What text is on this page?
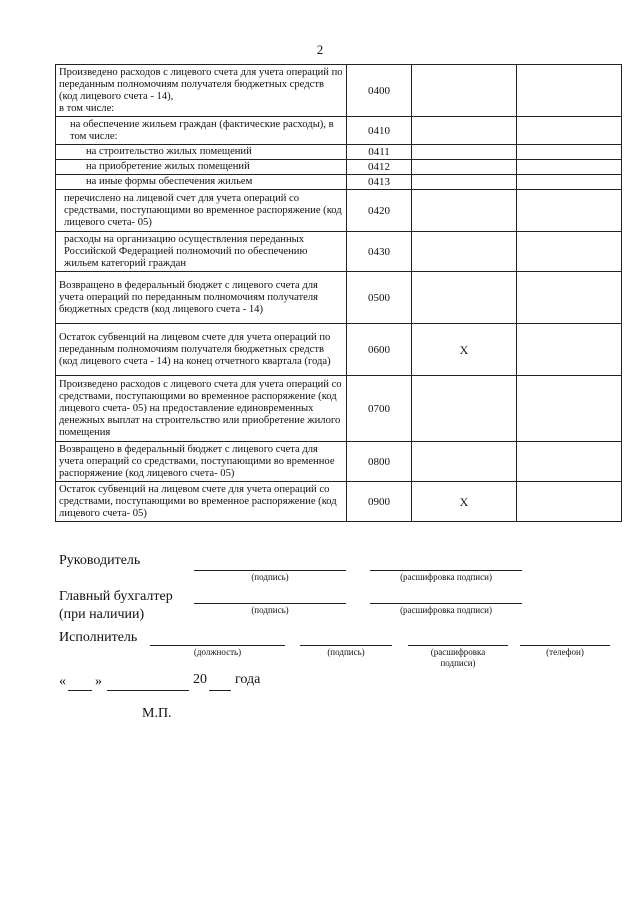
2
Произведено расходов с лицевого счета для учета операций по переданным полномочиям получателя бюджетных средств (код лицевого счета - 14),
в том числе:	0400		
на обеспечение жильем граждан (фактические расходы), в том числе:	0410		
на строительство жилых помещений	0411		
на приобретение жилых помещений	0412		
на иные формы обеспечения жильем	0413		
перечислено на лицевой счет для учета операций со средствами, поступающими во временное распоряжение (код лицевого счета- 05)	0420		
расходы на организацию осуществления переданных Российской Федерацией полномочий по обеспечению жильем категорий граждан	0430		
Возвращено в федеральный бюджет с лицевого счета для учета операций по переданным полномочиям получателя бюджетных средств (код лицевого счета - 14)	0500		
Остаток субвенций на лицевом счете для учета операций по переданным полномочиям получателя бюджетных средств (код лицевого счета - 14) на конец отчетного квартала (года)	0600	Х	
Произведено расходов с лицевого счета для учета операций со средствами, поступающими во временное распоряжение (код лицевого счета- 05) на предоставление единовременных денежных выплат на строительство или приобретение жилого помещения	0700		
Возвращено в федеральный бюджет с лицевого счета для учета операций со средствами, поступающими во временное распоряжение (код лицевого счета- 05)	0800		
Остаток субвенций на лицевом счете для учета операций со средствами, поступающими во временное распоряжение (код лицевого счета- 05)	0900	Х	
Руководитель
(подпись)	(расшифровка подписи)
Главный бухгалтер
(при наличии)	(подпись)	(расшифровка подписи)
Исполнитель
(должность)	(подпись)	(расшифровка
подписи)
(телефон)
« »	20 года
М.П.
